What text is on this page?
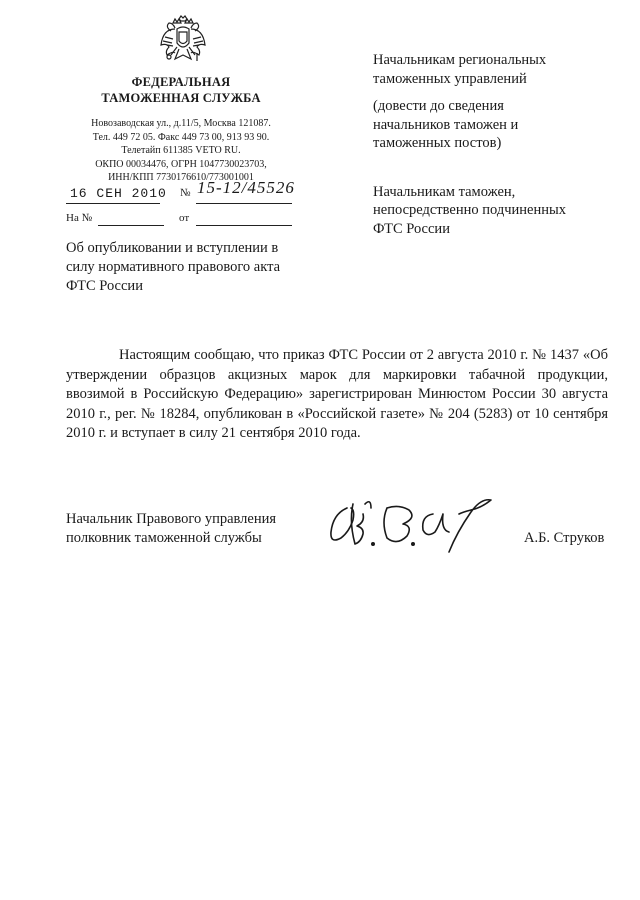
ФЕДЕРАЛЬНАЯ
ТАМОЖЕННАЯ СЛУЖБА
Новозаводская ул., д.11/5, Москва 121087.
Тел. 449 72 05. Факс 449 73 00, 913 93 90.
Телетайп 611385 VETO RU.
ОКПО 00034476, ОГРН 1047730023703,
ИНН/КПП 7730176610/773001001
16 СЕН 2010 № 15-12/45526
На №	от
Об опубликовании и вступлении в
силу нормативного правового акта
ФТС России
Начальникам региональных
таможенных управлений
(довести до сведения
начальников таможен и
таможенных постов)
Начальникам таможен,
непосредственно подчиненных
ФТС России
Настоящим сообщаю, что приказ ФТС России от 2 августа 2010 г. № 1437 «Об утверждении образцов акцизных марок для маркировки табачной продукции, ввозимой в Российскую Федерацию» зарегистрирован Минюстом России 30 августа 2010 г., рег. № 18284, опубликован в «Российской газете» № 204 (5283) от 10 сентября 2010 г. и вступает в силу 21 сентября 2010 года.
Начальник Правового управления
полковник таможенной службы	А.Б. Струков
